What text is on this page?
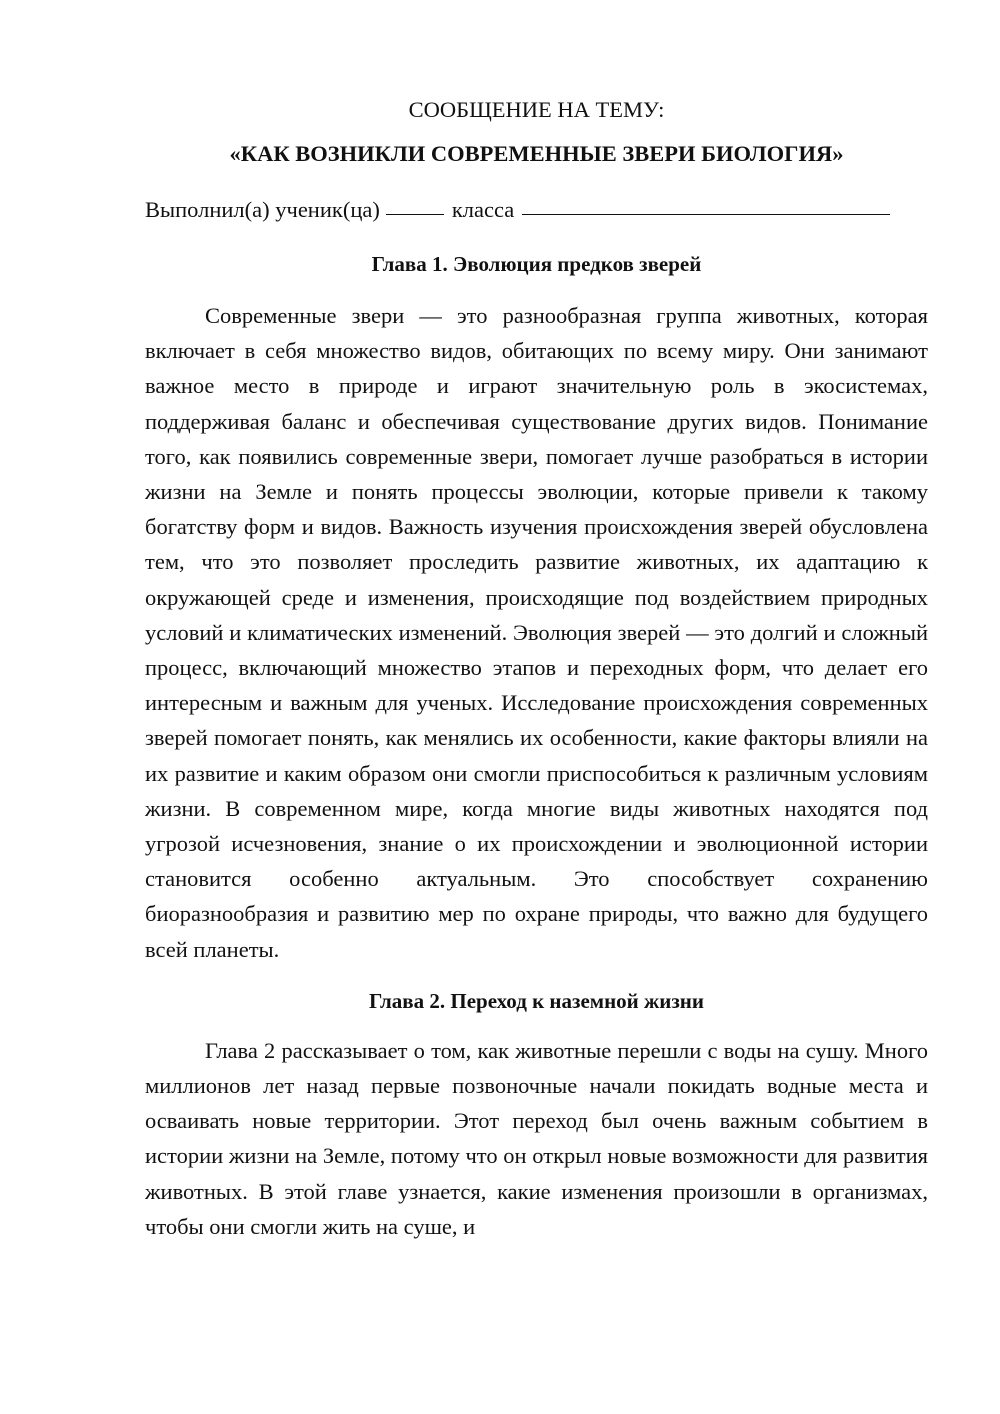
СООБЩЕНИЕ НА ТЕМУ:
«КАК ВОЗНИКЛИ СОВРЕМЕННЫЕ ЗВЕРИ БИОЛОГИЯ»
Выполнил(а) ученик(ца)	класса
Глава 1. Эволюция предков зверей

Современные звери — это разнообразная группа животных, которая включает в себя множество видов, обитающих по всему миру. Они занимают важное место в природе и играют значительную роль в экосистемах, поддерживая баланс и обеспечивая существование других видов. Понимание того, как появились современные звери, помогает лучше разобраться в истории жизни на Земле и понять процессы эволюции, которые привели к такому богатству форм и видов. Важность изучения происхождения зверей обусловлена тем, что это позволяет проследить развитие животных, их адаптацию к окружающей среде и изменения, происходящие под воздействием природных условий и климатических изменений. Эволюция зверей — это долгий и сложный процесс, включающий множество этапов и переходных форм, что делает его интересным и важным для ученых. Исследование происхождения современных зверей помогает понять, как менялись их особенности, какие факторы влияли на их развитие и каким образом они смогли приспособиться к различным условиям жизни. В современном мире, когда многие виды животных находятся под угрозой исчезновения, знание о их происхождении и эволюционной истории становится особенно актуальным. Это способствует сохранению биоразнообразия и развитию мер по охране природы, что важно для будущего всей планеты.

Глава 2. Переход к наземной жизни

Глава 2 рассказывает о том, как животные перешли с воды на сушу. Много миллионов лет назад первые позвоночные начали покидать водные места и осваивать новые территории. Этот переход был очень важным событием в истории жизни на Земле, потому что он открыл новые возможности для развития животных. В этой главе узнается, какие изменения произошли в организмах, чтобы они смогли жить на суше, и
